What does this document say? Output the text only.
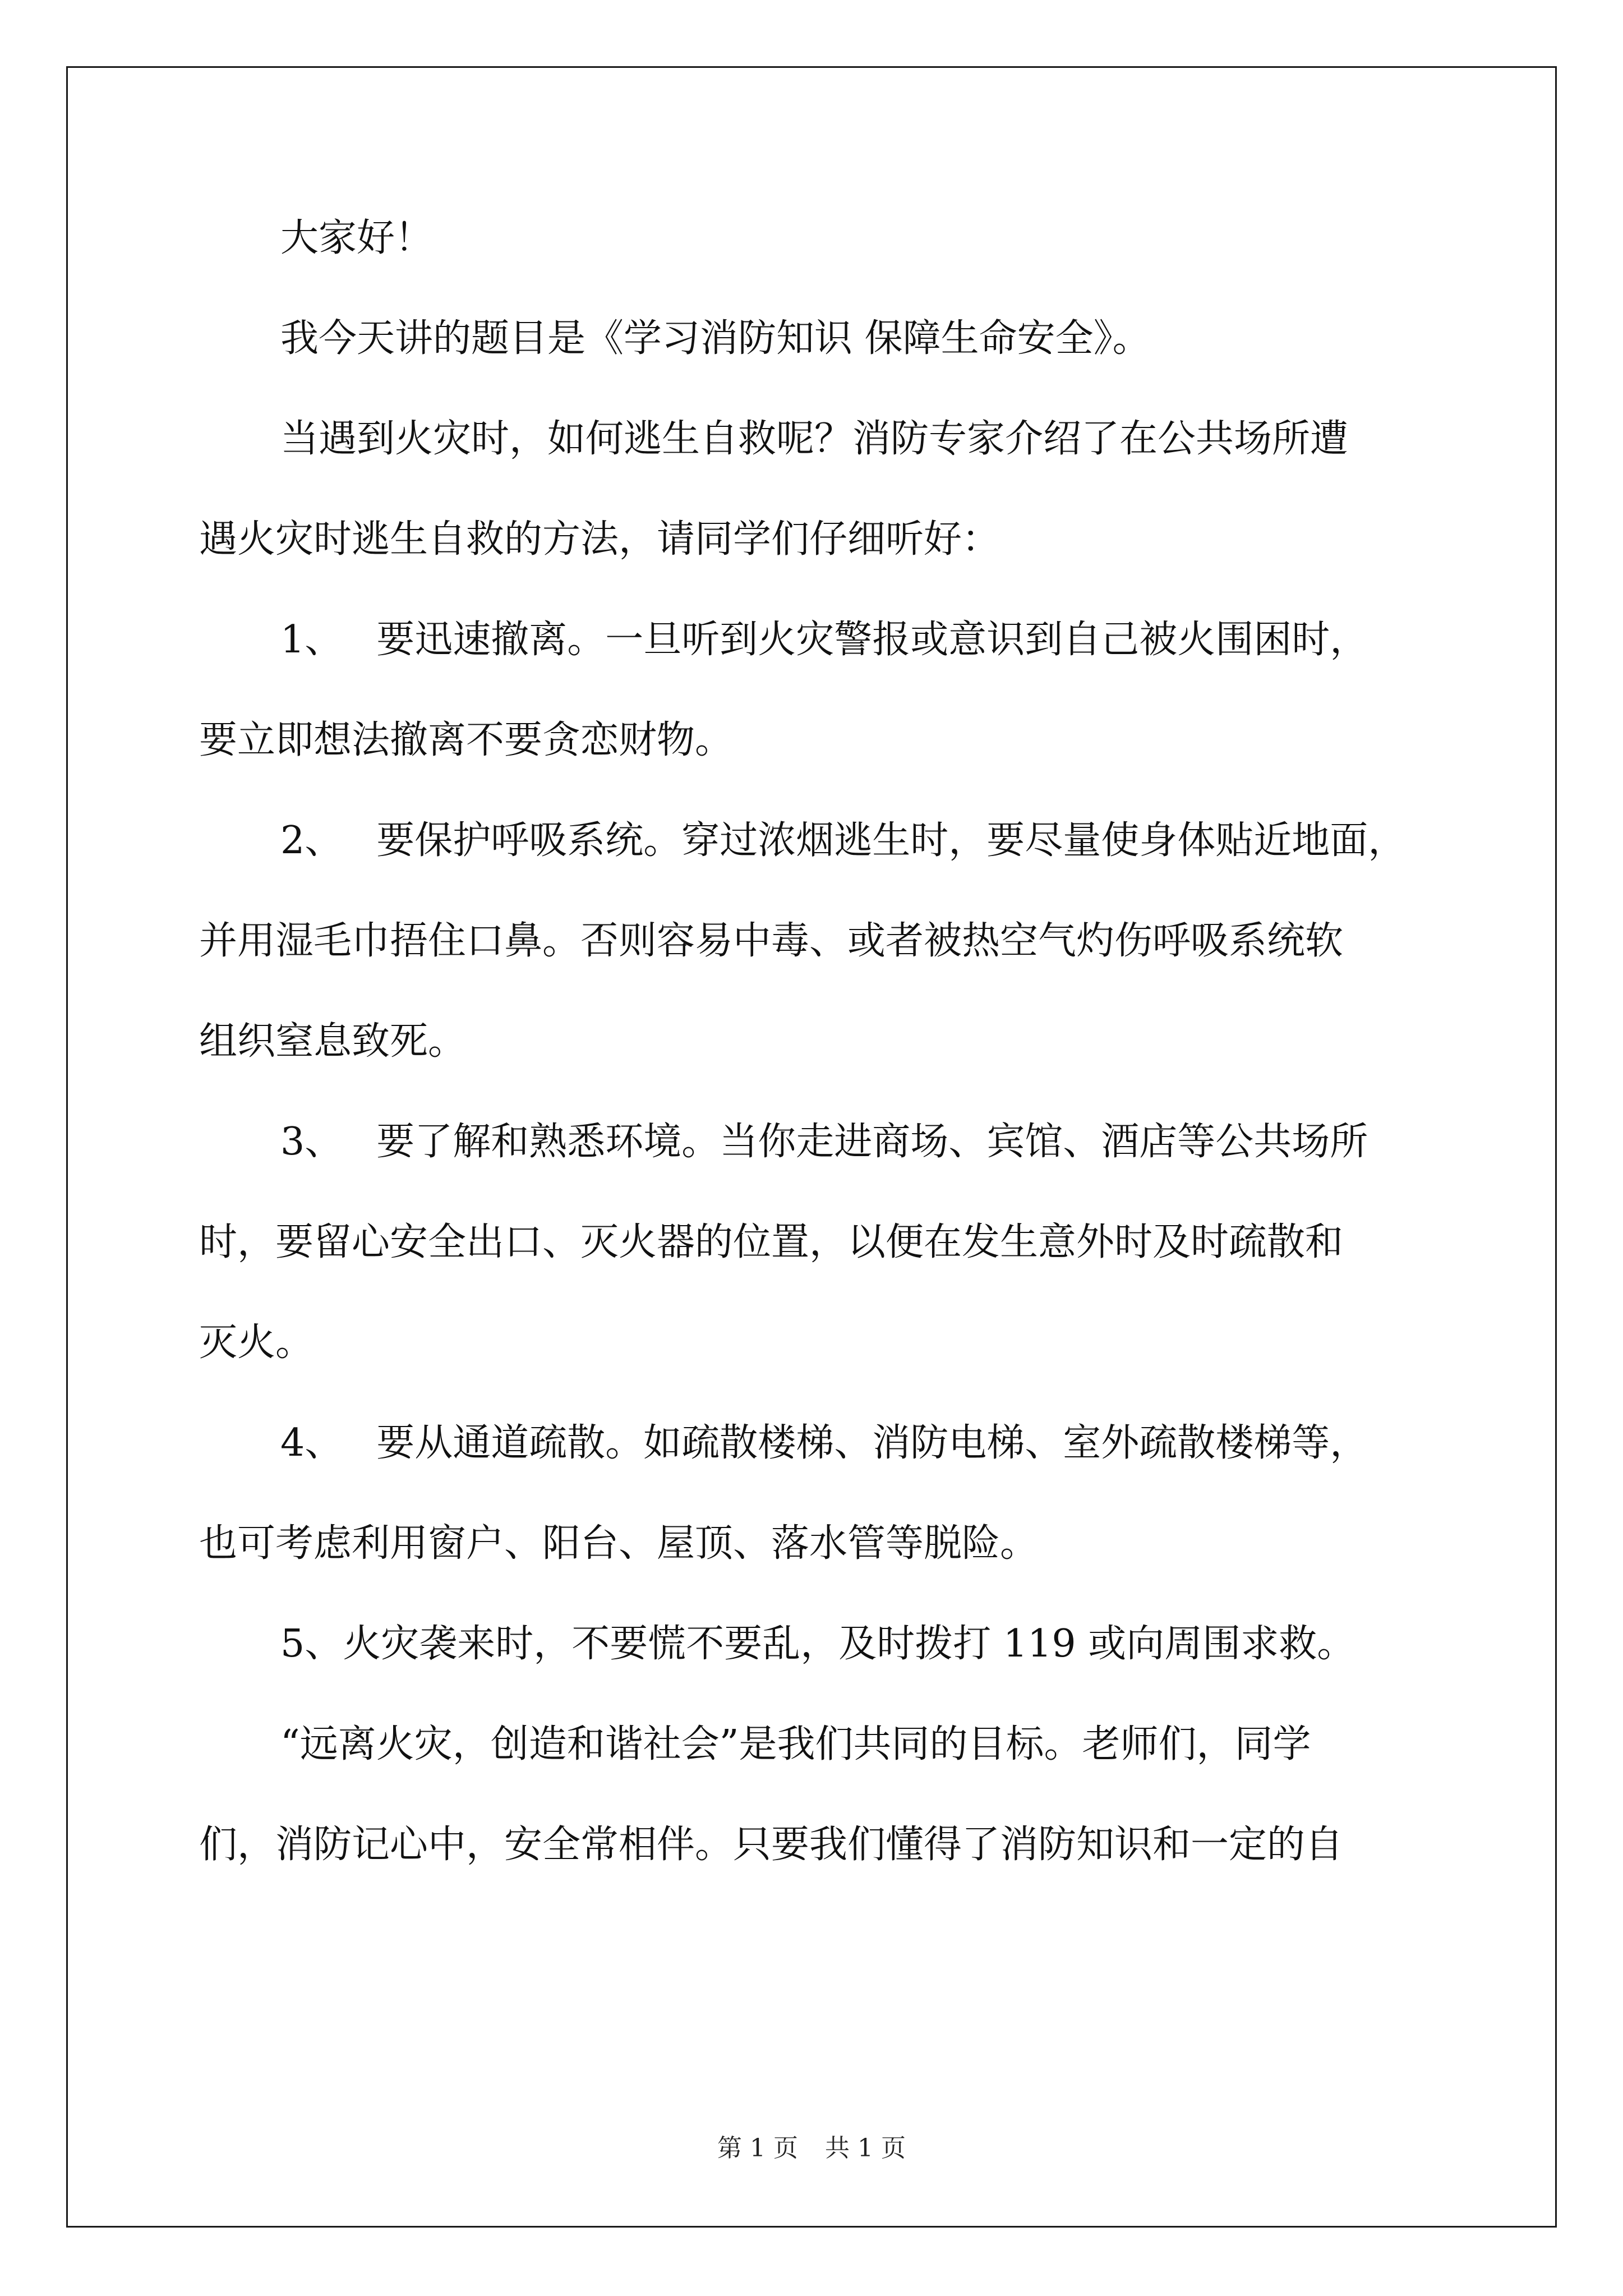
大家好！
我今天讲的题目是《学习消防知识 保障生命安全》。
当遇到火灾时，如何逃生自救呢？消防专家介绍了在公共场所遭
遇火灾时逃生自救的方法，请同学们仔细听好：
1、 要迅速撤离。一旦听到火灾警报或意识到自己被火围困时，
要立即想法撤离不要贪恋财物。
2、 要保护呼吸系统。穿过浓烟逃生时，要尽量使身体贴近地面，
并用湿毛巾捂住口鼻。否则容易中毒、或者被热空气灼伤呼吸系统软
组织窒息致死。
3、 要了解和熟悉环境。当你走进商场、宾馆、酒店等公共场所
时，要留心安全出口、灭火器的位置，以便在发生意外时及时疏散和
灭火。
4、 要从通道疏散。如疏散楼梯、消防电梯、室外疏散楼梯等，
也可考虑利用窗户、阳台、屋顶、落水管等脱险。
5、火灾袭来时，不要慌不要乱，及时拨打 119 或向周围求救。
“远离火灾，创造和谐社会”是我们共同的目标。老师们，同学
们，消防记心中，安全常相伴。只要我们懂得了消防知识和一定的自
第 1 页 共 1 页
